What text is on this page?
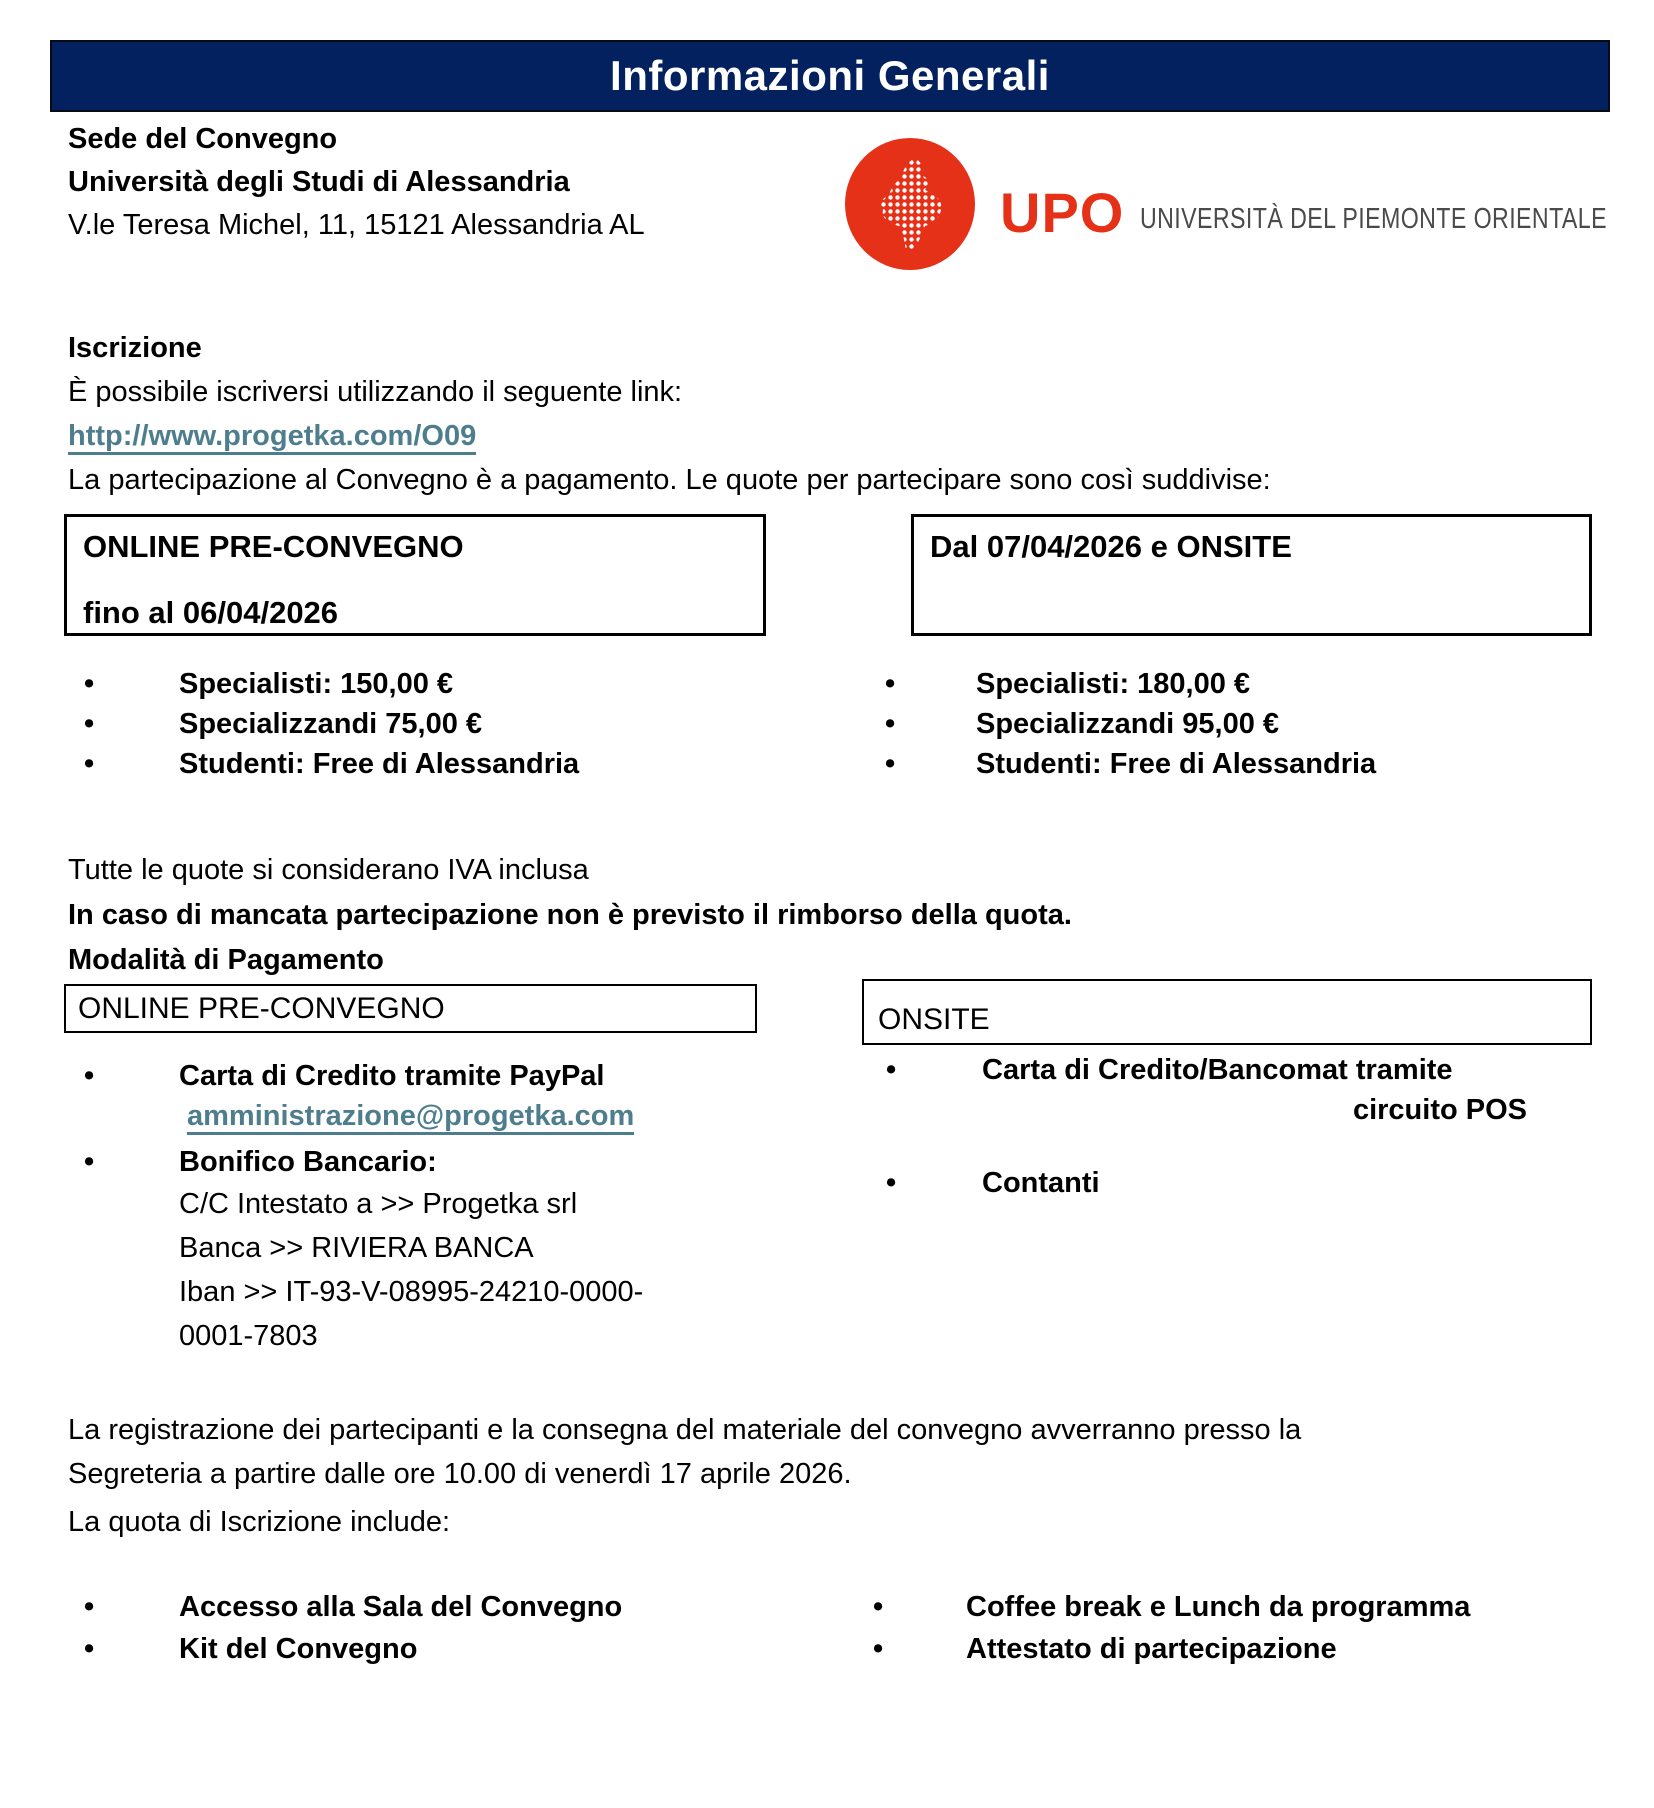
Informazioni Generali
Sede del Convegno
Università degli Studi di Alessandria
V.le Teresa Michel, 11, 15121 Alessandria AL	UPO UNIVERSITÀ DEL PIEMONTE ORIENTALE
Iscrizione
È possibile iscriversi utilizzando il seguente link:
http://www.progetka.com/O09
La partecipazione al Convegno è a pagamento. Le quote per partecipare sono così suddivise:
ONLINE PRE-CONVEGNO
fino al 06/04/2026
Dal 07/04/2026 e ONSITE
•	Specialisti: 150,00 €
•	Specializzandi 75,00 €
•	Studenti: Free di Alessandria
•	Specialisti: 180,00 €
•	Specializzandi 95,00 €
•	Studenti: Free di Alessandria
Tutte le quote si considerano IVA inclusa
In caso di mancata partecipazione non è previsto il rimborso della quota.
Modalità di Pagamento
ONLINE PRE-CONVEGNO	ONSITE
•	Carta di Credito tramite PayPal
amministrazione@progetka.com
•	Bonifico Bancario:
C/C Intestato a >> Progetka srl
Banca >> RIVIERA BANCA
Iban >> IT-93-V-08995-24210-0000-
0001-7803
•	Carta di Credito/Bancomat tramite
circuito POS
•	Contanti
La registrazione dei partecipanti e la consegna del materiale del convegno avverranno presso la
Segreteria a partire dalle ore 10.00 di venerdì 17 aprile 2026.
La quota di Iscrizione include:
•	Accesso alla Sala del Convegno
•	Kit del Convegno
•	Coffee break e Lunch da programma
•	Attestato di partecipazione
